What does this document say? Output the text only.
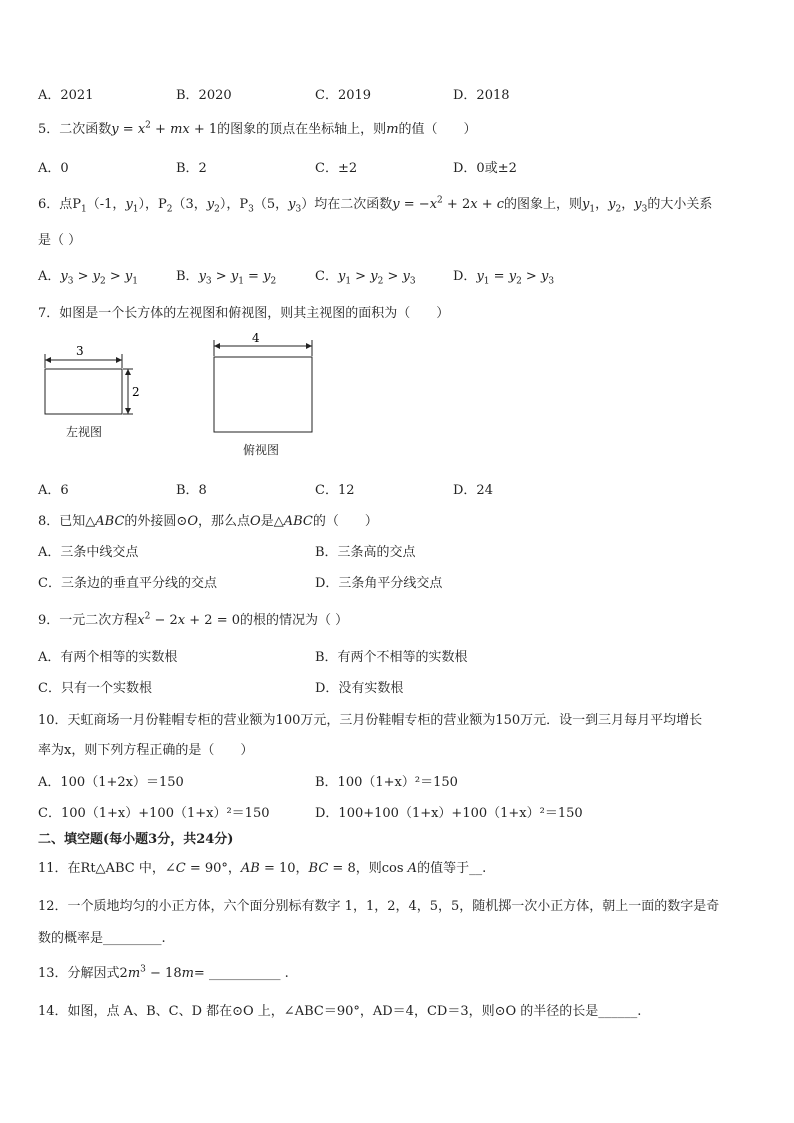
A．2021	B．2020	C．2019	D．2018
5．二次函数$y = x^2$ + mx + 1的图象的顶点在坐标轴上，则m的值（　　）
A．0	B．2	C．±2	D．0或±2
6．点$P_1(-1$，$y_1$），$P_2(3$，$y_2$），$P_3(5$，$y_3$）均在二次函数$y = -x^2 + 2x + c$的图象上，则$y_1$，$y_2$，$y_3$的大小关系
是（ ）
A．$y_3 > y_2 > y_1$	B．$y_3 > y_1 = y_2$	C．$y_1 > y_2 > y_3$	D．$y_1 = y_2 > y_3$
7．如图是一个长方体的左视图和俯视图，则其主视图的面积为（　　）
3
2
左视图
4
俯视图
A．6	B．8	C．12	D．24
8．已知△ABC的外接圆⊙O，那么点O是△ABC的（　　）
A．三条中线交点	B．三条高的交点
C．三条边的垂直平分线的交点	D．三条角平分线交点
9．一元二次方程$x^2 - 2x + 2 = 0$的根的情况为（ ）
A．有两个相等的实数根	B．有两个不相等的实数根
C．只有一个实数根	D．没有实数根
10．天虹商场一月份鞋帽专柜的营业额为100万元，三月份鞋帽专柜的营业额为150万元．设一到三月每月平均增长
率为x，则下列方程正确的是（　　）
A．100（1+2x）＝150	B．100（1+x）²＝150
C．100（1+x）+100（1+x）²＝150	D．100+100（1+x）+100（1+x）²＝150
二、填空题(每小题3分，共24分)
11．在Rt△ABC 中，∠C = 90°，AB = 10，BC = 8，则cos A的值等于__.
12．一个质地均匀的小正方体，六个面分别标有数字 1，1，2，4，5，5，随机掷一次小正方体，朝上一面的数字是奇
数的概率是_________.
13．分解因式$2m^3 - 18m=$ ___________ .
14．如图，点 A、B、C、D 都在⊙O 上，∠ABC＝90°，AD＝4，CD＝3，则⊙O 的半径的长是______.
